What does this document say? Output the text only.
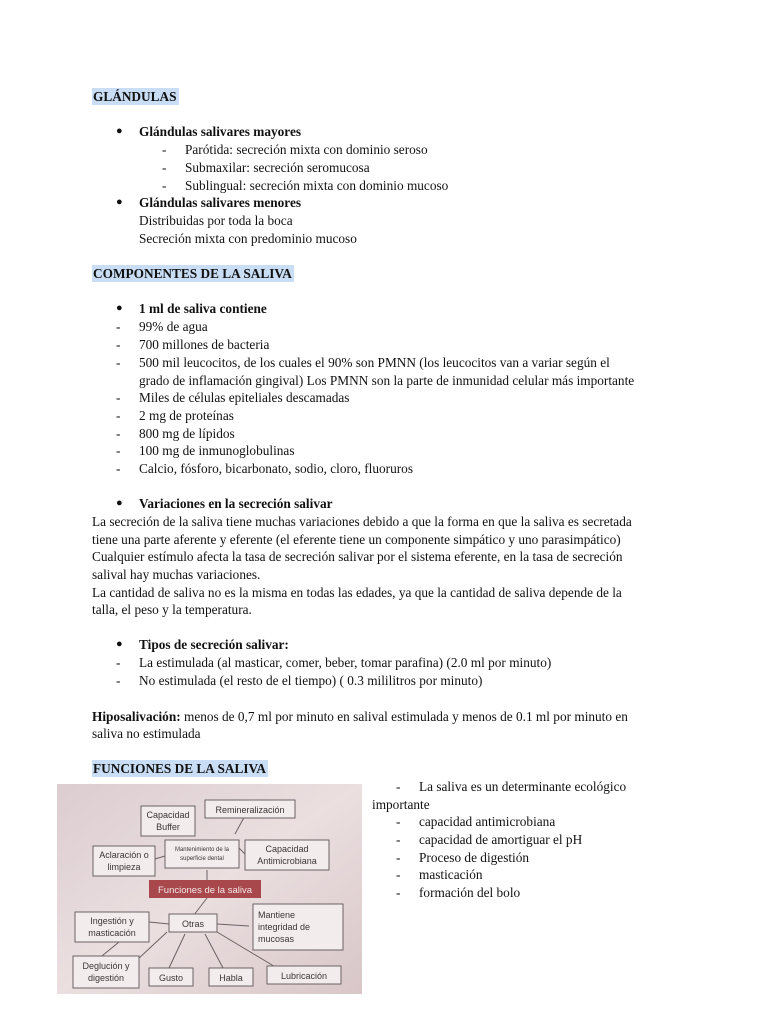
GLÁNDULAS
● Glándulas salivares mayores
- Parótida: secreción mixta con dominio seroso
- Submaxilar: secreción seromucosa
- Sublingual: secreción mixta con dominio mucoso
● Glándulas salivares menores
Distribuidas por toda la boca
Secreción mixta con predominio mucoso
COMPONENTES DE LA SALIVA
● 1 ml de saliva contiene
- 99% de agua
- 700 millones de bacteria
- 500 mil leucocitos, de los cuales el 90% son PMNN (los leucocitos van a variar según el
grado de inflamación gingival) Los PMNN son la parte de inmunidad celular más importante
- Miles de células epiteliales descamadas
- 2 mg de proteínas
- 800 mg de lípidos
- 100 mg de inmunoglobulinas
- Calcio, fósforo, bicarbonato, sodio, cloro, fluoruros
● Variaciones en la secreción salivar
La secreción de la saliva tiene muchas variaciones debido a que la forma en que la saliva es secretada
tiene una parte aferente y eferente (el eferente tiene un componente simpático y uno parasimpático)
Cualquier estímulo afecta la tasa de secreción salivar por el sistema eferente, en la tasa de secreción
salival hay muchas variaciones.
La cantidad de saliva no es la misma en todas las edades, ya que la cantidad de saliva depende de la
talla, el peso y la temperatura.
● Tipos de secreción salivar:
- La estimulada (al masticar, comer, beber, tomar parafina) (2.0 ml por minuto)
- No estimulada (el resto de el tiempo) ( 0.3 mililitros por minuto)
Hiposalivación: menos de 0,7 ml por minuto en salival estimulada y menos de 0.1 ml por minuto en
saliva no estimulada
FUNCIONES DE LA SALIVA
- La saliva es un determinante ecológico
importante
- capacidad antimicrobiana
- capacidad de amortiguar el pH
- Proceso de digestión
- masticación
- formación del bolo
Capacidad
Buffer
Remineralización
Aclaración o
limpieza
Mantenimiento de la
superficie dental
Capacidad
Antimicrobiana
Funciones de la saliva
Ingestión y
masticación
Otras
Mantiene
integridad de
mucosas
Deglución y
digestión	Gusto	Habla	Lubricación
